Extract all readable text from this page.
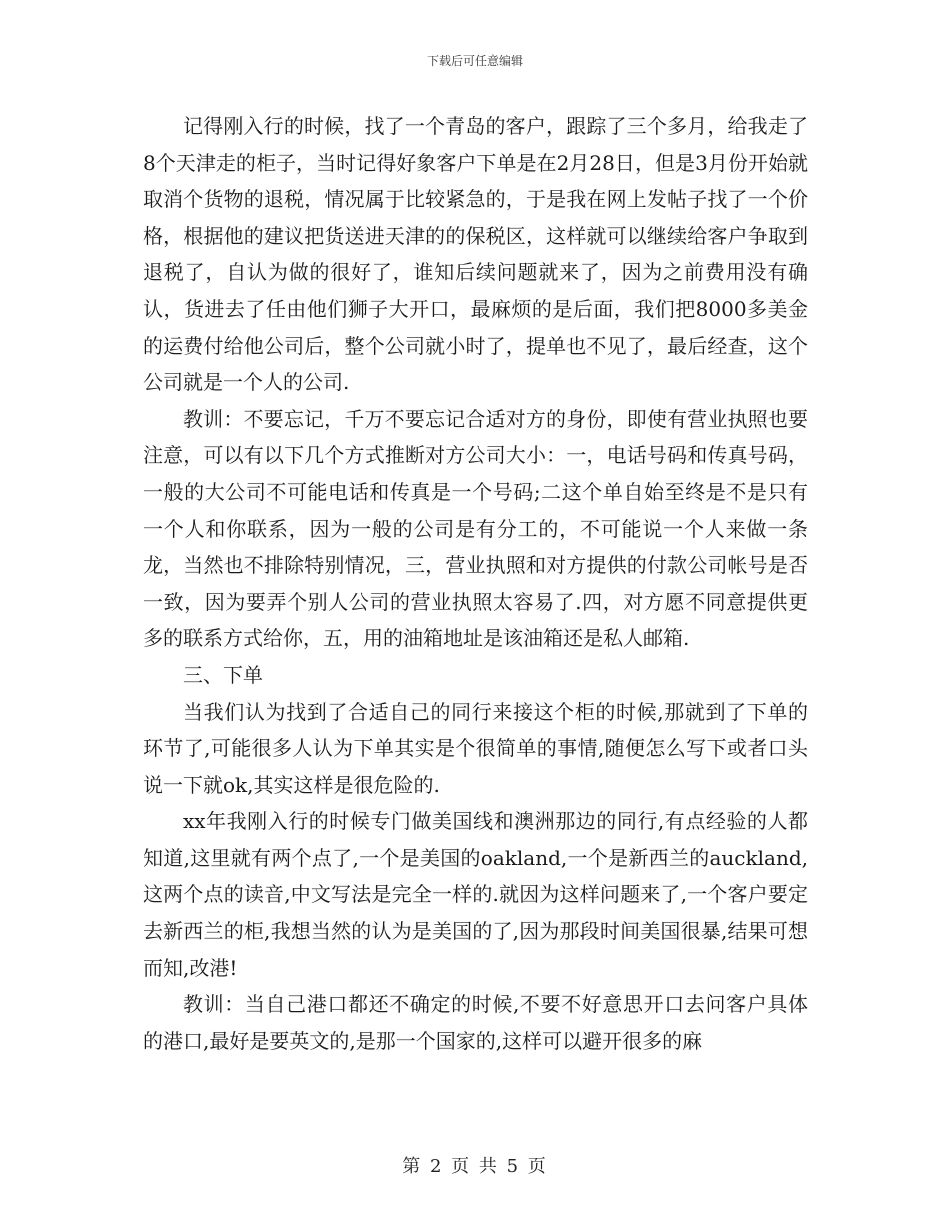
下载后可任意编辑

记得刚入行的时候，找了一个青岛的客户，跟踪了三个多月，给我走了8个天津走的柜子，当时记得好象客户下单是在2月28日，但是3月份开始就取消个货物的退税，情况属于比较紧急的，于是我在网上发帖子找了一个价格，根据他的建议把货送进天津的的保税区，这样就可以继续给客户争取到退税了，自认为做的很好了，谁知后续问题就来了，因为之前费用没有确认，货进去了任由他们狮子大开口，最麻烦的是后面，我们把8000多美金的运费付给他公司后，整个公司就小时了，提单也不见了，最后经查，这个公司就是一个人的公司.

教训：不要忘记，千万不要忘记合适对方的身份，即使有营业执照也要注意，可以有以下几个方式推断对方公司大小：一，电话号码和传真号码，一般的大公司不可能电话和传真是一个号码;二这个单自始至终是不是只有一个人和你联系，因为一般的公司是有分工的，不可能说一个人来做一条龙，当然也不排除特别情况，三，营业执照和对方提供的付款公司帐号是否一致，因为要弄个别人公司的营业执照太容易了.四，对方愿不同意提供更多的联系方式给你，五，用的油箱地址是该油箱还是私人邮箱.

三、下单

当我们认为找到了合适自己的同行来接这个柜的时候,那就到了下单的环节了,可能很多人认为下单其实是个很简单的事情,随便怎么写下或者口头说一下就ok,其实这样是很危险的.

xx年我刚入行的时候专门做美国线和澳洲那边的同行,有点经验的人都知道,这里就有两个点了,一个是美国的oakland,一个是新西兰的auckland,这两个点的读音,中文写法是完全一样的.就因为这样问题来了,一个客户要定去新西兰的柜,我想当然的认为是美国的了,因为那段时间美国很暴,结果可想而知,改港!

教训：当自己港口都还不确定的时候,不要不好意思开口去问客户具体的港口,最好是要英文的,是那一个国家的,这样可以避开很多的麻

第 2 页 共 5 页
